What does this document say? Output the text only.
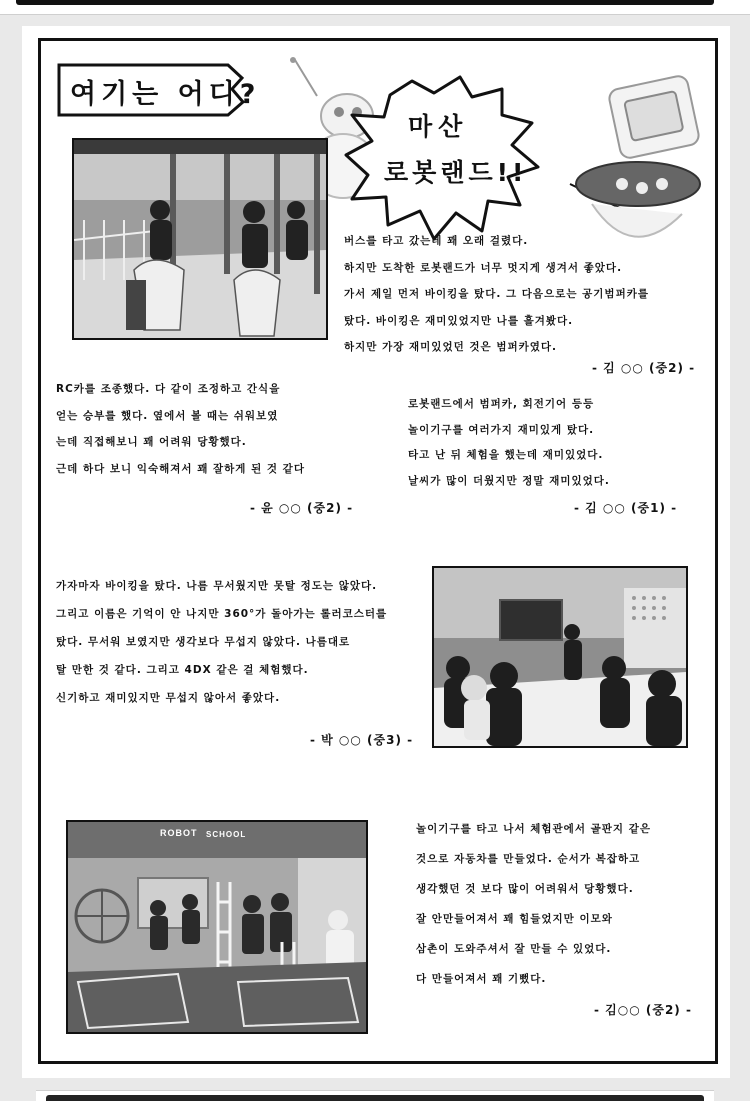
여기는 어디?
마산
로봇랜드!!
버스를 타고 갔는데 꽤 오래 걸렸다.
하지만 도착한 로봇랜드가 너무 멋지게 생겨서 좋았다.
가서 제일 먼저 바이킹을 탔다. 그 다음으로는 공기범퍼카를
탔다. 바이킹은 재미있었지만 나를 흘겨봤다.
하지만 가장 재미있었던 것은 범퍼카였다.
- 김 ○○ (중2) -
RC카를 조종했다. 다 같이 조정하고 간식을
얻는 승부를 했다. 옆에서 볼 때는 쉬워보였
는데 직접해보니 꽤 어려워 당황했다.
근데 하다 보니 익숙해져서 꽤 잘하게 된 것 같다
- 윤 ○○ (중2) -
로봇랜드에서 범퍼카, 회전기어 등등
놀이기구를 여러가지 재미있게 탔다.
타고 난 뒤 체험을 했는데 재미있었다.
날씨가 많이 더웠지만 정말 재미있었다.
- 김 ○○ (중1) -
가자마자 바이킹을 탔다. 나름 무서웠지만 못탈 정도는 않았다.
그리고 이름은 기억이 안 나지만 360°가 돌아가는 롤러코스터를
탔다. 무서워 보였지만 생각보다 무섭지 않았다. 나름대로
탈 만한 것 같다. 그리고 4DX 같은 걸 체험했다.
신기하고 재미있지만 무섭지 않아서 좋았다.
- 박 ○○ (중3) -
ROBOT SCHOOL	놀이기구를 타고 나서 체험관에서 골판지 같은
것으로 자동차를 만들었다. 순서가 복잡하고
생각했던 것 보다 많이 어려워서 당황했다.
잘 안만들어져서 꽤 힘들었지만 이모와
삼촌이 도와주셔서 잘 만들 수 있었다.
다 만들어져서 꽤 기뻤다.
- 김○○ (중2) -
